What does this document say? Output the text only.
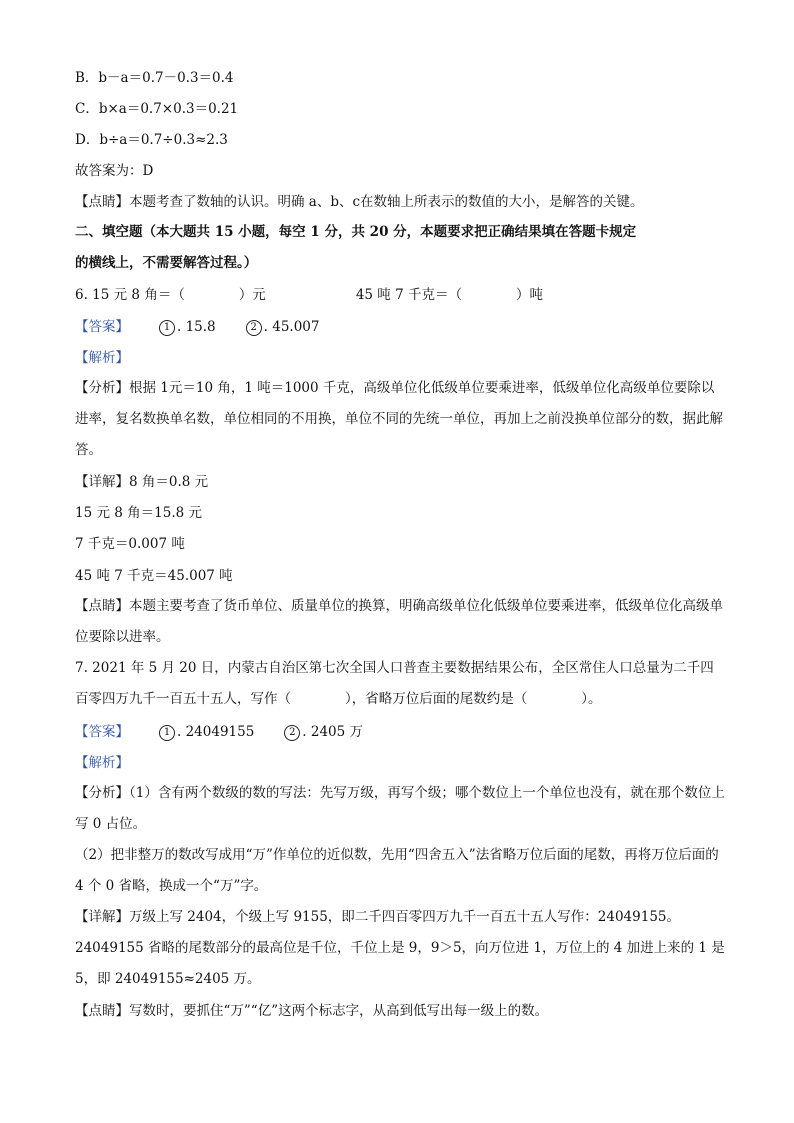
B．b－a＝0.7－0.3＝0.4
C．b×a＝0.7×0.3＝0.21
D．b÷a＝0.7÷0.3≈2.3
故答案为：D
【点睛】本题考查了数轴的认识。明确 a、b、c在数轴上所表示的数值的大小，是解答的关键。
二、填空题（本大题共 15 小题，每空 1 分，共 20 分，本题要求把正确结果填在答题卡规定
的横线上，不需要解答过程。）
6. 15 元 8 角＝（　　　　）元	45 吨 7 千克＝（　　　　）吨
【答案】	1 . 15.8	2 . 45.007
【解析】
【分析】根据 1元＝10 角，1 吨＝1000 千克，高级单位化低级单位要乘进率，低级单位化高级单位要除以进率，复名数换单名数，单位相同的不用换，单位不同的先统一单位，再加上之前没换单位部分的数，据此解答。
【详解】8 角＝0.8 元
15 元 8 角＝15.8 元
7 千克＝0.007 吨
45 吨 7 千克＝45.007 吨
【点睛】本题主要考查了货币单位、质量单位的换算，明确高级单位化低级单位要乘进率，低级单位化高级单位要除以进率。
7. 2021 年 5 月 20 日，内蒙古自治区第七次全国人口普查主要数据结果公布，全区常住人口总量为二千四百零四万九千一百五十五人，写作（　　　　），省略万位后面的尾数约是（　　　　）。
【答案】	1 . 24049155	2 . 2405 万
【解析】
【分析】（1）含有两个数级的数的写法：先写万级，再写个级；哪个数位上一个单位也没有，就在那个数位上写 0 占位。
（2）把非整万的数改写成用“万”作单位的近似数，先用“四舍五入”法省略万位后面的尾数，再将万位后面的 4 个 0 省略，换成一个“万”字。
【详解】万级上写 2404，个级上写 9155，即二千四百零四万九千一百五十五人写作：24049155。
24049155 省略的尾数部分的最高位是千位，千位上是 9，9＞5，向万位进 1，万位上的 4 加进上来的 1 是 5，即 24049155≈2405 万。
【点睛】写数时，要抓住“万”“亿”这两个标志字，从高到低写出每一级上的数。
